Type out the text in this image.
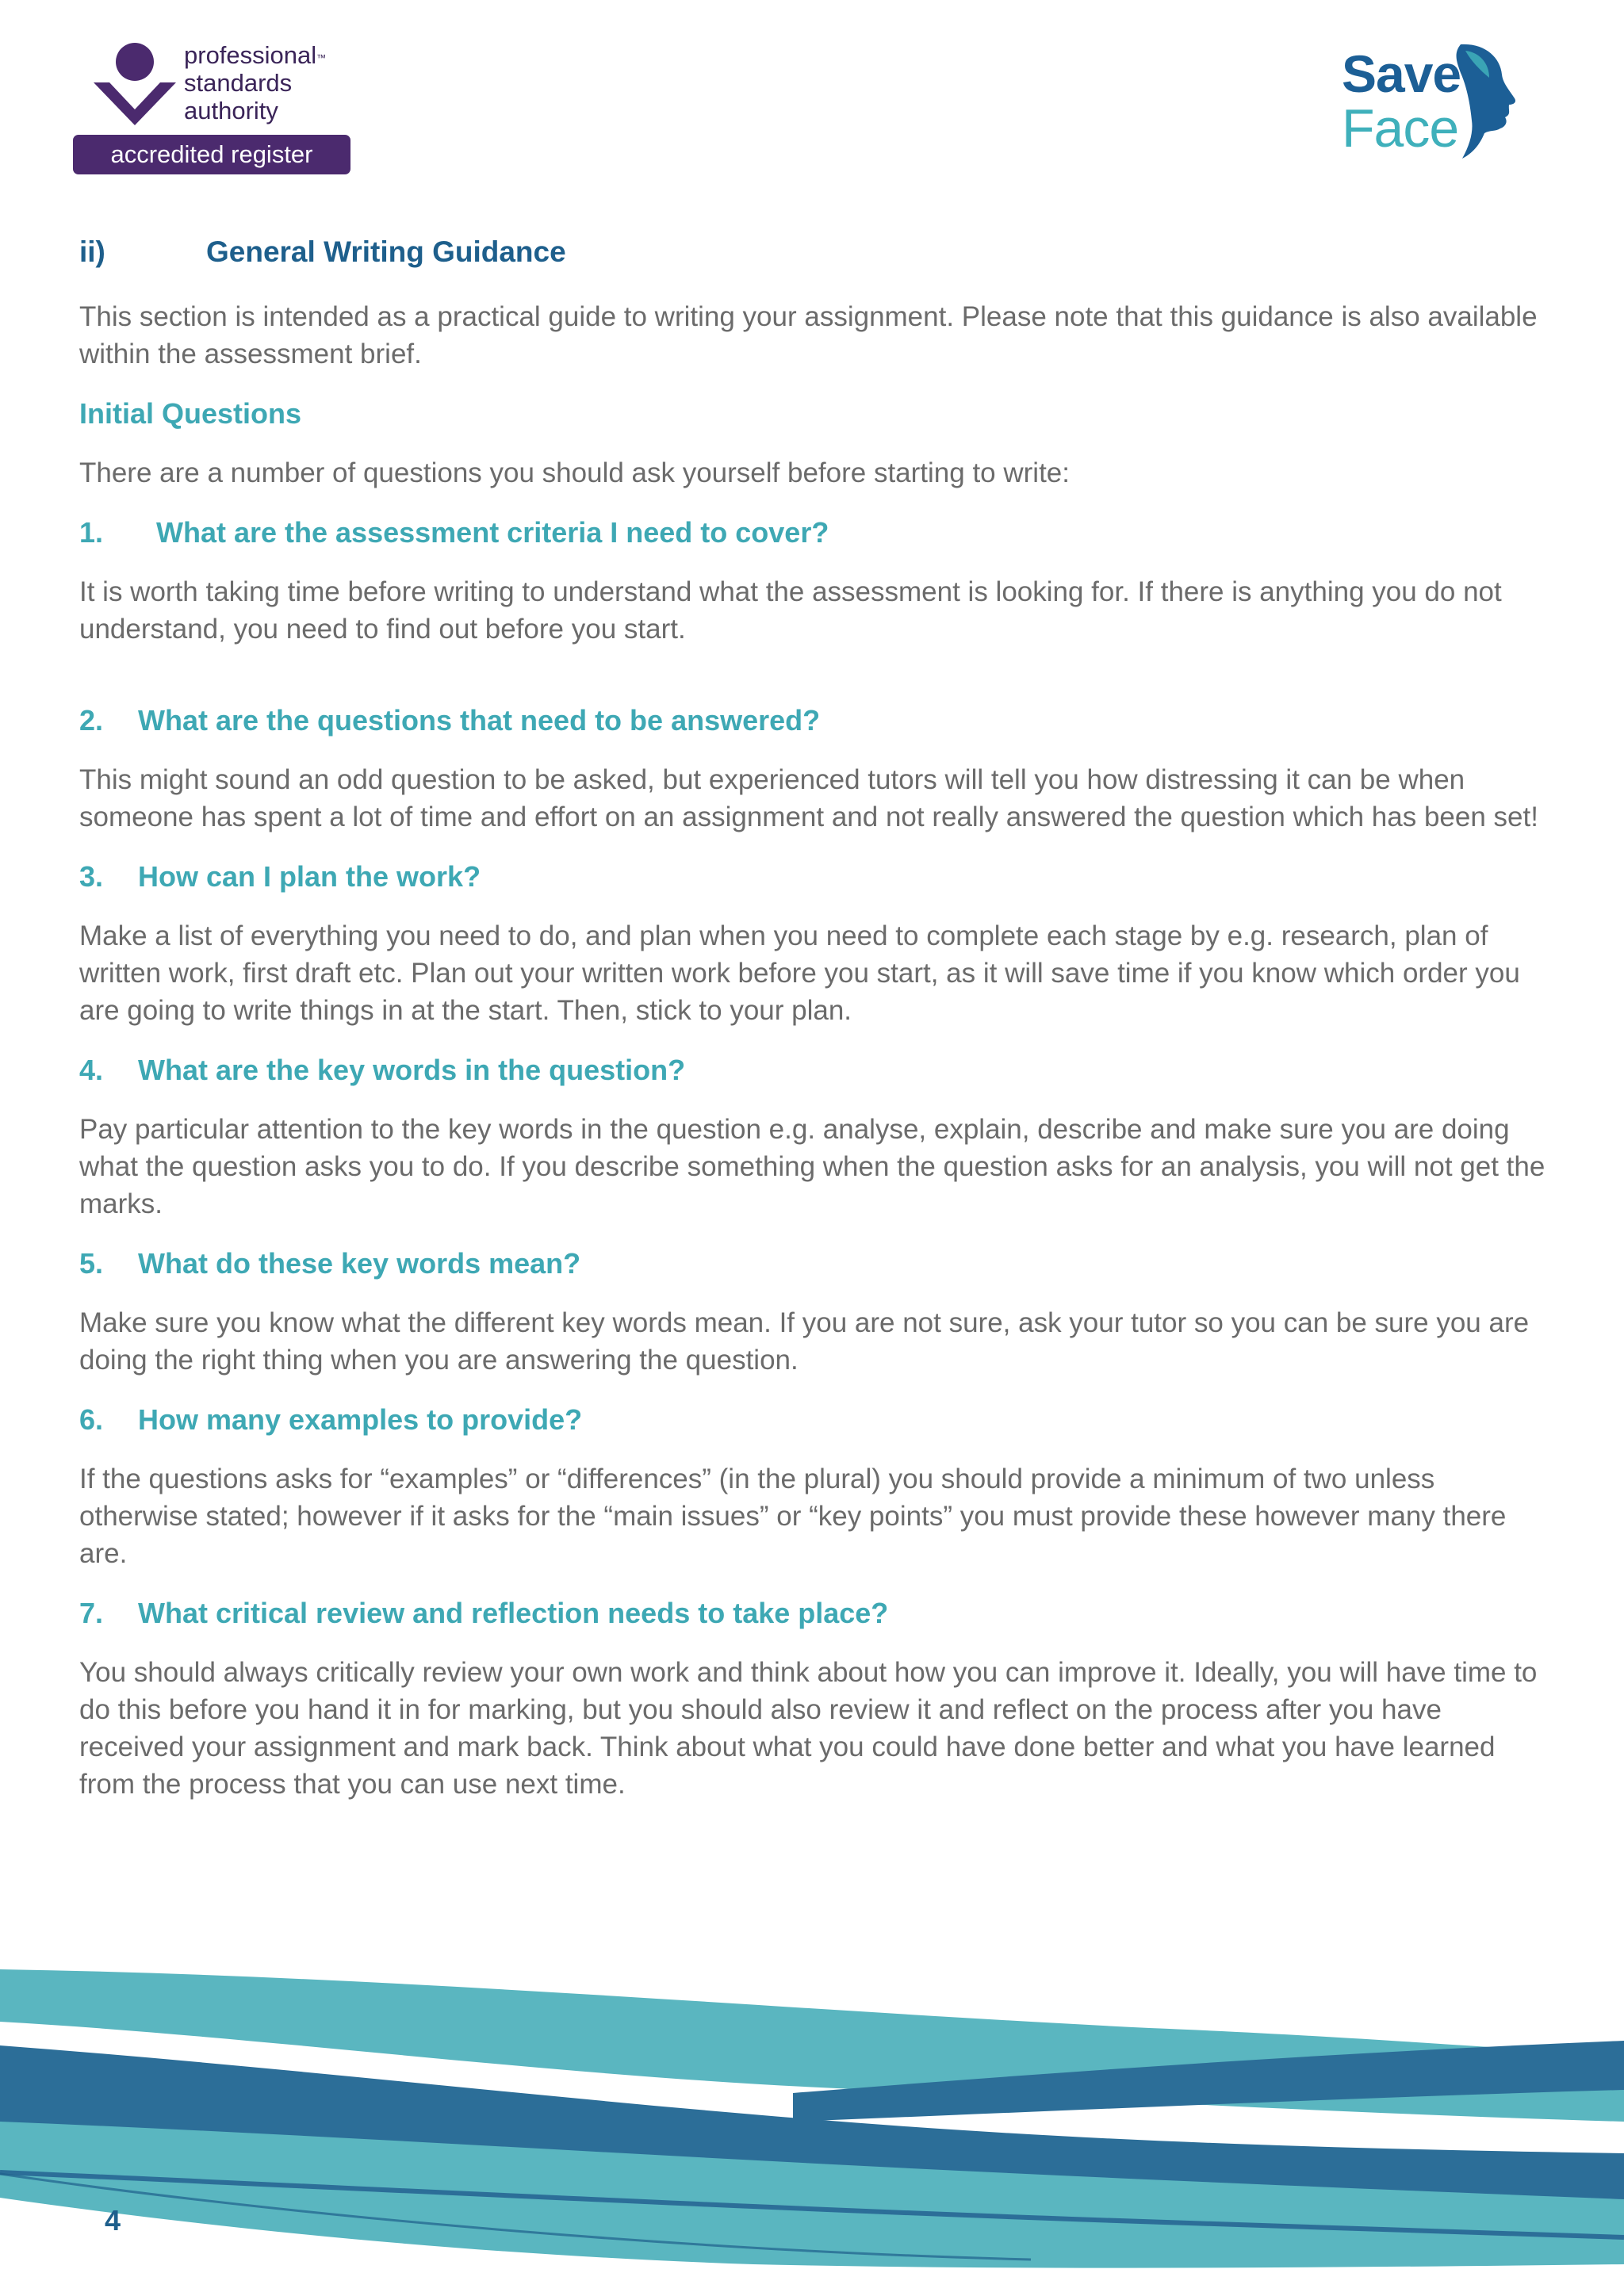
professional™
standards
authority
accredited register
Save
Face
ii)	General Writing Guidance

This section is intended as a practical guide to writing your assignment. Please note that this guidance is also available within the assessment brief.

Initial Questions

There are a number of questions you should ask yourself before starting to write:

1. What are the assessment criteria I need to cover?

It is worth taking time before writing to understand what the assessment is looking for. If there is anything you do not understand, you need to find out before you start.

2. What are the questions that need to be answered?

This might sound an odd question to be asked, but experienced tutors will tell you how distressing it can be when someone has spent a lot of time and effort on an assignment and not really answered the question which has been set!

3. How can I plan the work?

Make a list of everything you need to do, and plan when you need to complete each stage by e.g. research, plan of written work, first draft etc. Plan out your written work before you start, as it will save time if you know which order you are going to write things in at the start. Then, stick to your plan.

4. What are the key words in the question?

Pay particular attention to the key words in the question e.g. analyse, explain, describe and make sure you are doing what the question asks you to do. If you describe something when the question asks for an analysis, you will not get the marks.

5. What do these key words mean?

Make sure you know what the different key words mean. If you are not sure, ask your tutor so you can be sure you are doing the right thing when you are answering the question.

6. How many examples to provide?

If the questions asks for “examples” or “differences” (in the plural) you should provide a minimum of two unless otherwise stated; however if it asks for the “main issues” or “key points” you must provide these however many there are.

7. What critical review and reflection needs to take place?

You should always critically review your own work and think about how you can improve it. Ideally, you will have time to do this before you hand it in for marking, but you should also review it and reflect on the process after you have received your assignment and mark back. Think about what you could have done better and what you have learned from the process that you can use next time.

4
